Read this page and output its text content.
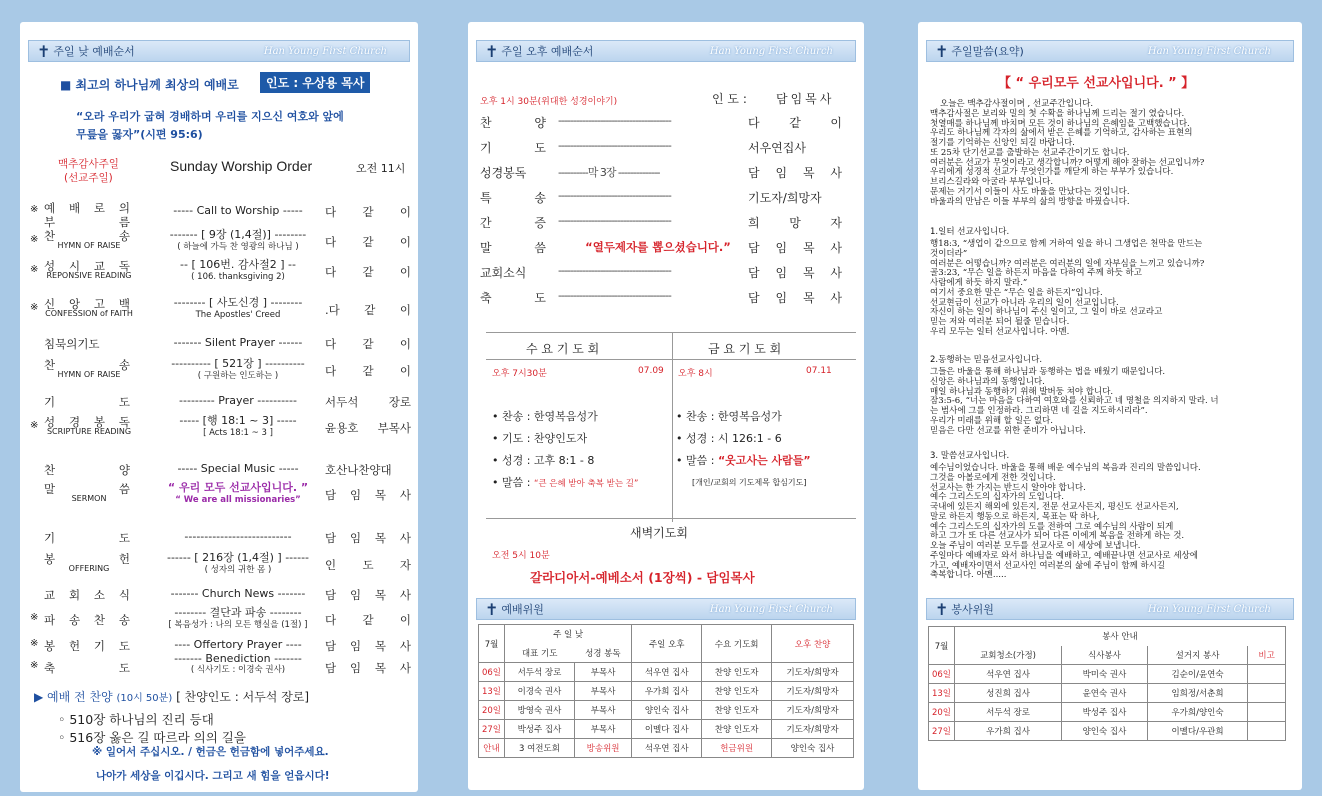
✝ 주일 낮 예배순서	Han Young First Church
■ 최고의 하나님께 최상의 예배로	인도 : 우상용 목사
“오라 우리가 굽혀 경배하며 우리를 지으신 여호와 앞에
무릎을 꿇자”(시편 95:6)
맥추감사주일
(선교주일)
Sunday Worship Order	오전 11시
※ 예 배 로 의
부 름
----- Call to Worship -----	다 같 이
※ 찬 송
HYMN OF RAISE
------- [ 9장 (1,4절)] --------
( 하늘에 가득 찬 영광의 하나님 )	다 같 이
※ 성 시 교 독
REPONSIVE READING
-- [ 106번. 감사절2 ] --
( 106. thanksgiving 2)	다 같 이
※ 신 앙 고 백
CONFESSION of FAITH
-------- [ 사도신경 ] --------
The Apostles' Creed	.다 같 이
침묵의기도	------- Silent Prayer ------	다 같 이
찬 송
HYMN OF RAISE
---------- [ 521장 ] ----------
( 구원하는 인도하는 )	다 같 이
기 도	--------- Prayer ----------	서두석 장로
※ 성 경 봉 독
SCRIPTURE READING
----- [행 18:1 ~ 3] -----
[ Acts 18:1 ~ 3 ]	윤용호 부목사
찬 양	----- Special Music -----	호산나찬양대
말 씀
SERMON
“ 우리 모두 선교사입니다. ”
“ We are all missionaries”	담 임 목 사
기 도	---------------------------	담 임 목 사
봉 헌
OFFERING
------ [ 216장 (1,4절) ] ------
( 성자의 귀한 몸 )	인 도 자
교 회 소 식	------- Church News -------	담 임 목 사
※ 파 송 찬 송
-------- 결단과 파송 --------
[ 복음성가 : 나의 모든 행실을 (1절) ]	다 같 이
※ 봉 헌 기 도	---- Offertory Prayer ----	담 임 목 사
※ 축 도
------- Benediction -------
( 식사기도 : 이경숙 권사)	담 임 목 사
▶ 예배 전 찬양 (10시 50분) [ 찬양인도 : 서두석 장로]
◦ 510장 하나님의 진리 등대
◦ 516장 옳은 길 따르라 의의 길을
※ 일어서 주십시오. / 헌금은 헌금함에 넣어주세요.
나아가 세상을 이깁시다. 그리고 새 힘을 얻읍시다!
✝ 주일 오후 예배순서	Han Young First Church
오후 1시 30분(위대한 성경이야기)	인 도 : 담임목사
찬 양 --------------------------------------	다 같 이
기 도 --------------------------------------	서우연집사
성경봉독	----------막 3장 --------------	담 임 목 사
특 송 --------------------------------------	기도자/희망자
간 증 --------------------------------------	희 망 자
말 씀	“열두제자를 뽑으셨습니다.”	담 임 목 사
교회소식	--------------------------------------	담 임 목 사
축 도 --------------------------------------	담 임 목 사
수 요 기 도 회	금 요 기 도 회
오후 7시30분	07.09 오후 8시	07.11
• 찬송 : 한영복음성가
• 기도 : 찬양인도자
• 성경 : 고후 8:1 - 8
• 말씀 : “큰 은혜 받아 축복 받는 길”
• 찬송 : 한영복음성가
• 성경 : 시 126:1 - 6
• 말씀 : “웃고사는 사람들”
[개인/교회의 기도제목 합심기도]
새벽기도회
오전 5시 10분
갈라디아서-예베소서 (1장씩) - 담임목사
✝ 예배위원	Han Young First Church
7월	주 일 낮		주일 오후	수요 기도회	오후 찬양
	대표 기도	성경 봉독			
06일	서두석 장로	부목사	석우연 집사	찬양 인도자	기도자/희망자
13일	이경숙 권사	부목사	우가희 집사	찬양 인도자	기도자/희망자
20일	방영숙 권사	부목사	양인숙 집사	찬양 인도자	기도자/희망자
27일	박성주 집사	부목사	이멜다 집사	찬양 인도자	기도자/희망자
안내	3 여전도회	방송위원	석우연 집사	헌금위원	양인숙 집사
✝ 주일말씀(요약)	Han Young First Church
【 “ 우리모두 선교사입니다. ” 】
오늘은 맥추감사절이며 , 선교주간입니다.
맥추감사절은 보리와 밀의 첫 수확을 하나님께 드리는 절기 였습니다.
첫열매를 하나님께 바치며 모든 것이 하나님의 은혜임을 고백했습니다.
우리도 하나님께 각자의 삶에서 받은 은혜를 기억하고, 감사하는 표현의
절기를 기억하는 신앙인 되길 바랍니다.
또 25차 단기선교를 출발하는 선교주간이기도 합니다.
여러분은 선교가 무엇이라고 생각합니까? 어떻게 해야 잘하는 선교입니까?
우리에게 성경적 선교가 무엇인가를 깨닫게 하는 부부가 있습니다.
브리스길라와 아굴라 부부입니다.
문제는 거기서 이들이 사도 바울을 만났다는 것입니다.
바울과의 만남은 이들 부부의 삶의 방향을 바꿨습니다.
1.일터 선교사입니다.
행18:3, “생업이 같으므로 함께 거하여 일을 하니 그생업은 천막을 만드는
것이더라”
여러분은 어떻습니까? 여러분은 여러분의 일에 자부심을 느끼고 있습니까?
골3:23, “무슨 일을 하든지 마음을 다하여 주께 하듯 하고
사람에게 하듯 하지 말라.”
여기서 중요한 말은 “무슨 일을 하든지”입니다.
선교현금이 선교가 아니라 우리의 일이 선교입니다.
자신이 하는 일이 하나님이 주신 일이고, 그 일이 바로 선교라고
믿는 저와 여러분 되어 될줄 믿습니다.
우리 모두는 일터 선교사입니다. 아멘.
2.동행하는 믿음선교사입니다.
그들은 바울을 통해 하나님과 동행하는 법을 배웠기 때문입니다.
신앙은 하나님과의 동행입니다.
매일 하나님과 동행하기 위해 발버둥 쳐야 합니다.
잠3:5-6, “너는 마음을 다하여 여호와를 신뢰하고 네 명철을 의지하지 말라. 너
는 범사에 그를 인정하라. 그리하면 네 길을 지도하시리라”.
우리가 미래를 위해 할 일은 없다.
믿음은 다만 선교를 위한 준비가 아닙니다.
3. 말씀선교사입니다.
예수님이었습니다. 바울을 통해 배운 예수님의 복음과 진리의 말씀입니다.
그것을 아볼로에게 전한 것입니다.
선교사는 한 가지는 반드시 알아야 합니다.
예수 그리스도의 십자가의 도입니다.
국내에 있든지 해외에 있든지, 전문 선교사든지, 평신도 선교사든지,
말로 하든지 행동으로 하든지, 목표는 딱 하나,
예수 그리스도의 십자가의 도를 전하여 그로 예수님의 사람이 되게
하고 그가 또 다른 선교사가 되어 다른 이에게 복음을 전하게 하는 것.
오늘 주님이 여러분 모두를 선교사로 이 세상에 보냅니다.
주일마다 예배자로 와서 하나님을 예배하고, 예배끝나면 선교사로 세상에
가고, 예배자이면서 선교사인 여러분의 삶에 주님이 함께 하시길
축복합니다. 아멘.....
✝ 봉사위원	Han Young First Church
7월	봉사 안내			
	교회청소(가정)	식사봉사	설거지 봉사	비고
06일	석우연 집사	박미숙 권사	김순이/윤연숙	
13일	성진희 집사	윤연숙 권사	임희정/서춘희	
20일	서두석 장로	박성주 집사	우가희/양인숙	
27일	우가희 집사	양인숙 집사	이멜다/우관희	
